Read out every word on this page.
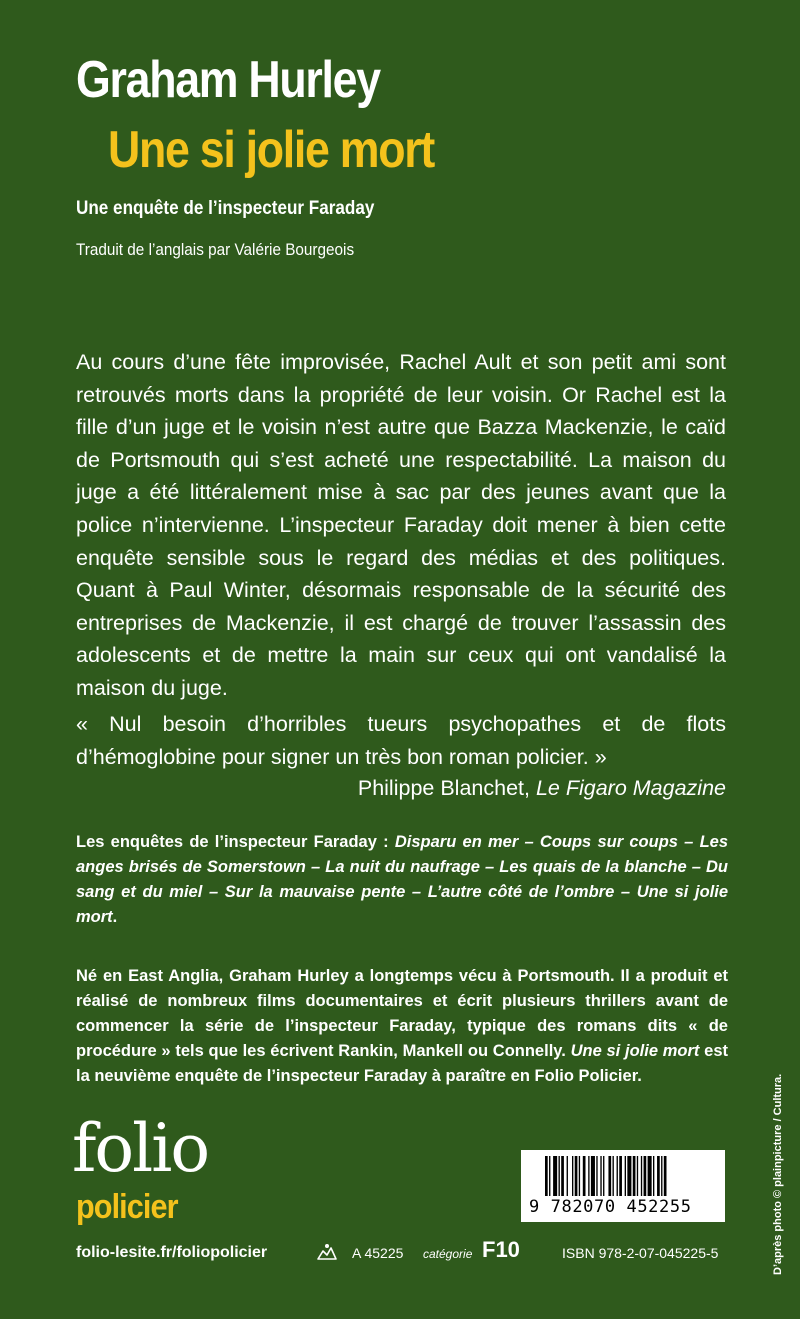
Graham Hurley
Une si jolie mort
Une enquête de l’inspecteur Faraday
Traduit de l’anglais par Valérie Bourgeois

Au cours d’une fête improvisée, Rachel Ault et son petit ami sont retrouvés morts dans la propriété de leur voisin. Or Rachel est la fille d’un juge et le voisin n’est autre que Bazza Mackenzie, le caïd de Portsmouth qui s’est acheté une respectabilité. La maison du juge a été littéralement mise à sac par des jeunes avant que la police n’intervienne. L’inspecteur Faraday doit mener à bien cette enquête sensible sous le regard des médias et des politiques. Quant à Paul Winter, désormais responsable de la sécurité des entreprises de Mackenzie, il est chargé de trouver l’assassin des adolescents et de mettre la main sur ceux qui ont vandalisé la maison du juge.

« Nul besoin d’horribles tueurs psychopathes et de flots d’hémoglobine pour signer un très bon roman policier. »

Philippe Blanchet, Le Figaro Magazine

Les enquêtes de l’inspecteur Faraday : Disparu en mer – Coups sur coups – Les anges brisés de Somerstown – La nuit du naufrage – Les quais de la blanche – Du sang et du miel – Sur la mauvaise pente – L’autre côté de l’ombre – Une si jolie mort.

Né en East Anglia, Graham Hurley a longtemps vécu à Portsmouth. Il a produit et réalisé de nombreux films documentaires et écrit plusieurs thrillers avant de commencer la série de l’inspecteur Faraday, typique des romans dits « de procédure » tels que les écrivent Rankin, Mankell ou Connelly. Une si jolie mort est la neuvième enquête de l’inspecteur Faraday à paraître en Folio Policier.	D’après photo © plainpicture / Cultura.
folio
policier
folio-lesite.fr/foliopolicier	A 45225 catégorie F10	ISBN 978-2-07-045225-5
9 782070 452255
